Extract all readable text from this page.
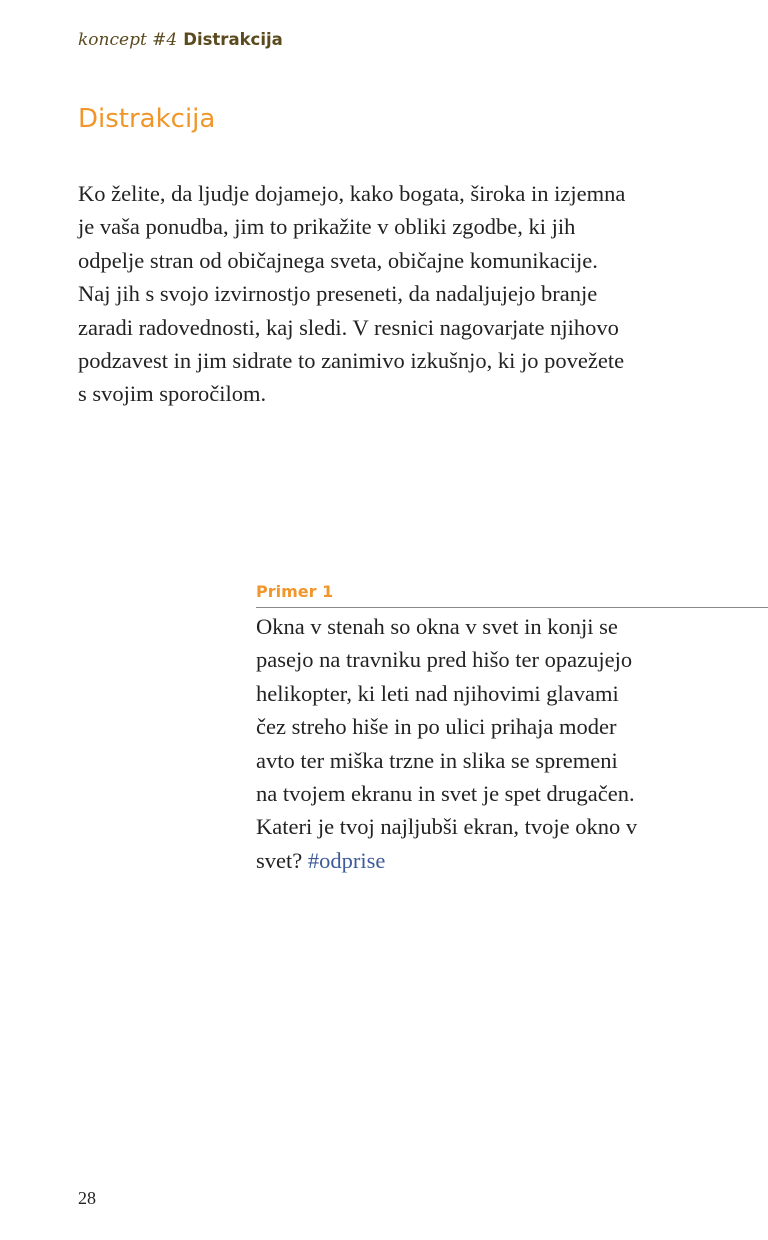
koncept #4 Distrakcija
Distrakcija
Ko želite, da ljudje dojamejo, kako bogata, široka in izjemna
je vaša ponudba, jim to prikažite v obliki zgodbe, ki jih
odpelje stran od običajnega sveta, običajne komunikacije.
Naj jih s svojo izvirnostjo preseneti, da nadaljujejo branje
zaradi radovednosti, kaj sledi. V resnici nagovarjate njihovo
podzavest in jim sidrate to zanimivo izkušnjo, ki jo povežete
s svojim sporočilom.
Primer 1
Okna v stenah so okna v svet in konji se
pasejo na travniku pred hišo ter opazujejo
helikopter, ki leti nad njihovimi glavami
čez streho hiše in po ulici prihaja moder
avto ter miška trzne in slika se spremeni
na tvojem ekranu in svet je spet drugačen.
Kateri je tvoj najljubši ekran, tvoje okno v
svet? #odprise
28
